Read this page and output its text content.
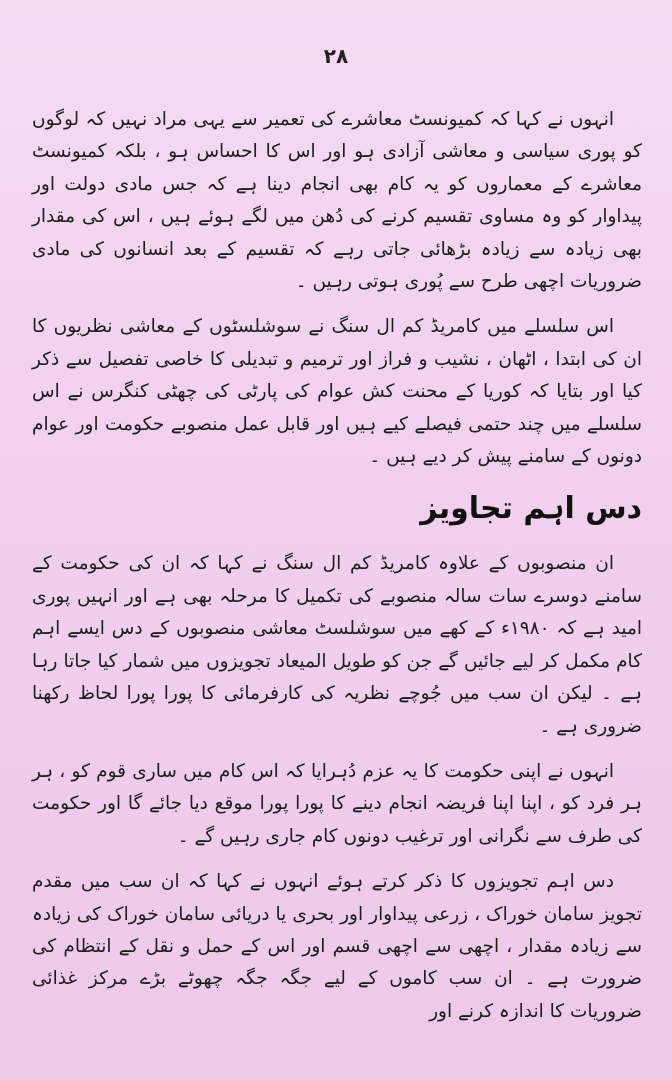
۲۸

انہوں نے کہا کہ کمیونسٹ معاشرے کی تعمیر سے یہی مراد نہیں کہ لوگوں کو پوری سیاسی و معاشی آزادی ہو اور اس کا احساس ہو ، بلکہ کمیونسٹ معاشرے کے معماروں کو یہ کام بھی انجام دینا ہے کہ جس مادی دولت اور پیداوار کو وہ مساوی تقسیم کرنے کی دُھن میں لگے ہوئے ہیں ، اس کی مقدار بھی زیادہ سے زیادہ بڑھائی جاتی رہے کہ تقسیم کے بعد انسانوں کی مادی ضروریات اچھی طرح سے پُوری ہوتی رہیں ۔

اس سلسلے میں کامریڈ کم ال سنگ نے سوشلسٹوں کے معاشی نظریوں کا ان کی ابتدا ، اٹھان ، نشیب و فراز اور ترمیم و تبدیلی کا خاصی تفصیل سے ذکر کیا اور بتایا کہ کوریا کے محنت کش عوام کی پارٹی کی چھٹی کنگرس نے اس سلسلے میں چند حتمی فیصلے کیے ہیں اور قابل عمل منصوبے حکومت اور عوام دونوں کے سامنے پیش کر دیے ہیں ۔

دس اہم تجاویز

ان منصوبوں کے علاوہ کامریڈ کم ال سنگ نے کہا کہ ان کی حکومت کے سامنے دوسرے سات سالہ منصوبے کی تکمیل کا مرحلہ بھی ہے اور انہیں پوری امید ہے کہ ۱۹۸۰ء کے کھے میں سوشلسٹ معاشی منصوبوں کے دس ایسے اہم کام مکمل کر لیے جائیں گے جن کو طویل المیعاد تجویزوں میں شمار کیا جاتا رہا ہے ۔ لیکن ان سب میں جُوچے نظریہ کی کارفرمائی کا پورا پورا لحاظ رکھنا ضروری ہے ۔

انہوں نے اپنی حکومت کا یہ عزم دُہرایا کہ اس کام میں ساری قوم کو ، ہر ہر فرد کو ، اپنا اپنا فریضہ انجام دینے کا پورا پورا موقع دیا جائے گا اور حکومت کی طرف سے نگرانی اور ترغیب دونوں کام جاری رہیں گے ۔

دس اہم تجویزوں کا ذکر کرتے ہوئے انہوں نے کہا کہ ان سب میں مقدم تجویز سامان خوراک ، زرعی پیداوار اور بحری یا دریائی سامان خوراک کی زیادہ سے زیادہ مقدار ، اچھی سے اچھی قسم اور اس کے حمل و نقل کے انتظام کی ضرورت ہے ۔ ان سب کاموں کے لیے جگہ جگہ چھوٹے بڑے مرکز غذائی ضروریات کا اندازہ کرنے اور
